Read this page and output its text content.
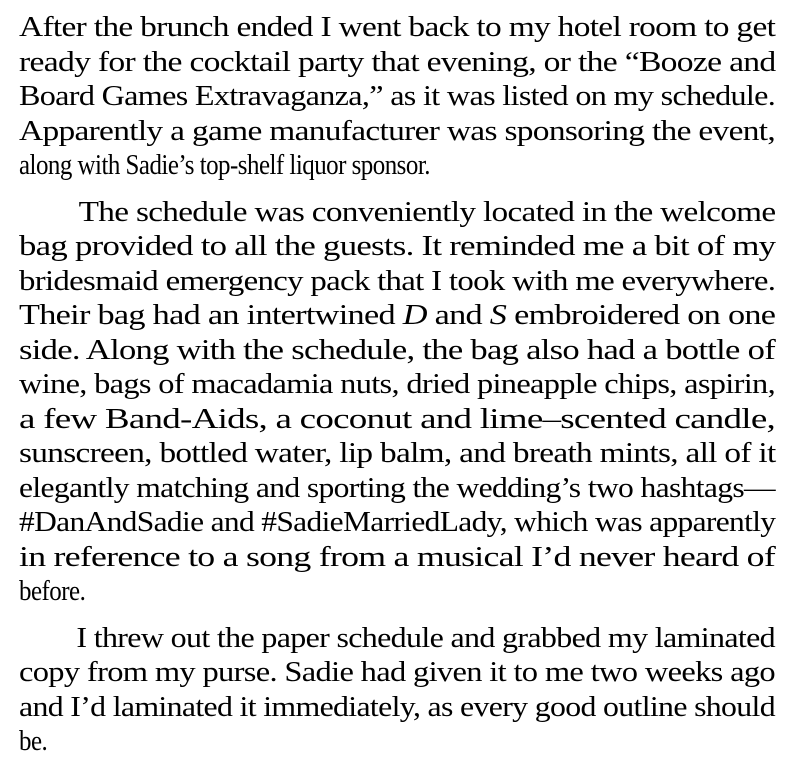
After the brunch ended I went back to my hotel room to get
ready for the cocktail party that evening, or the “Booze and
Board Games Extravaganza,” as it was listed on my schedule.
Apparently a game manufacturer was sponsoring the event,
along with Sadie’s top-shelf liquor sponsor.
The schedule was conveniently located in the welcome
bag provided to all the guests. It reminded me a bit of my
bridesmaid emergency pack that I took with me everywhere.
Their bag had an intertwined D and S embroidered on one
side. Along with the schedule, the bag also had a bottle of
wine, bags of macadamia nuts, dried pineapple chips, aspirin,
a few Band-Aids, a coconut and lime–scented candle,
sunscreen, bottled water, lip balm, and breath mints, all of it
elegantly matching and sporting the wedding’s two hashtags—
#DanAndSadie and #SadieMarriedLady, which was apparently
in reference to a song from a musical I’d never heard of
before.
I threw out the paper schedule and grabbed my laminated
copy from my purse. Sadie had given it to me two weeks ago
and I’d laminated it immediately, as every good outline should
be.
